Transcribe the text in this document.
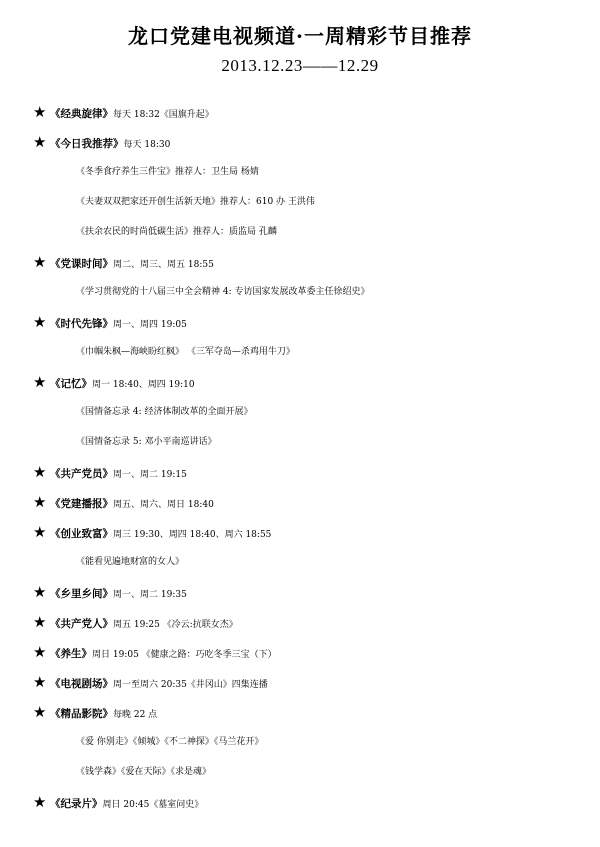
龙口党建电视频道·一周精彩节目推荐
2013.12.23——12.29
★ 《经典旋律》每天 18:32《国旗升起》
★ 《今日我推荐》每天 18:30
《冬季食疗养生三件宝》推荐人：卫生局 杨婧
《夫妻双双把家还开创生活新天地》推荐人：610 办 王洪伟
《扶余农民的时尚低碳生活》推荐人：质监局 孔麟
★ 《党课时间》周二、周三、周五 18:55
《学习贯彻党的十八届三中全会精神 4: 专访国家发展改革委主任徐绍史》
★ 《时代先锋》周一、周四 19:05
《巾帼朱枫—海峡盼红枫》 《三军夺岛—杀鸡用牛刀》
★ 《记忆》周一 18:40、周四 19:10
《国情备忘录 4: 经济体制改革的全面开展》
《国情备忘录 5: 邓小平南巡讲话》
★ 《共产党员》周一、周二 19:15
★ 《党建播报》周五、周六、周日 18:40
★ 《创业致富》周三 19:30、周四 18:40、周六 18:55
《能看见遍地财富的女人》
★ 《乡里乡间》周一、周二 19:35
★ 《共产党人》周五 19:25 《冷云:抗联女杰》
★ 《养生》周日 19:05 《健康之路：巧吃冬季三宝（下）
★ 《电视剧场》周一至周六 20:35《井冈山》四集连播
★ 《精品影院》每晚 22 点
《爱 你别走》《倾城》《不二神探》《马兰花开》
《钱学森》《爱在天际》《求是魂》
★ 《纪录片》周日 20:45《墓室问史》
